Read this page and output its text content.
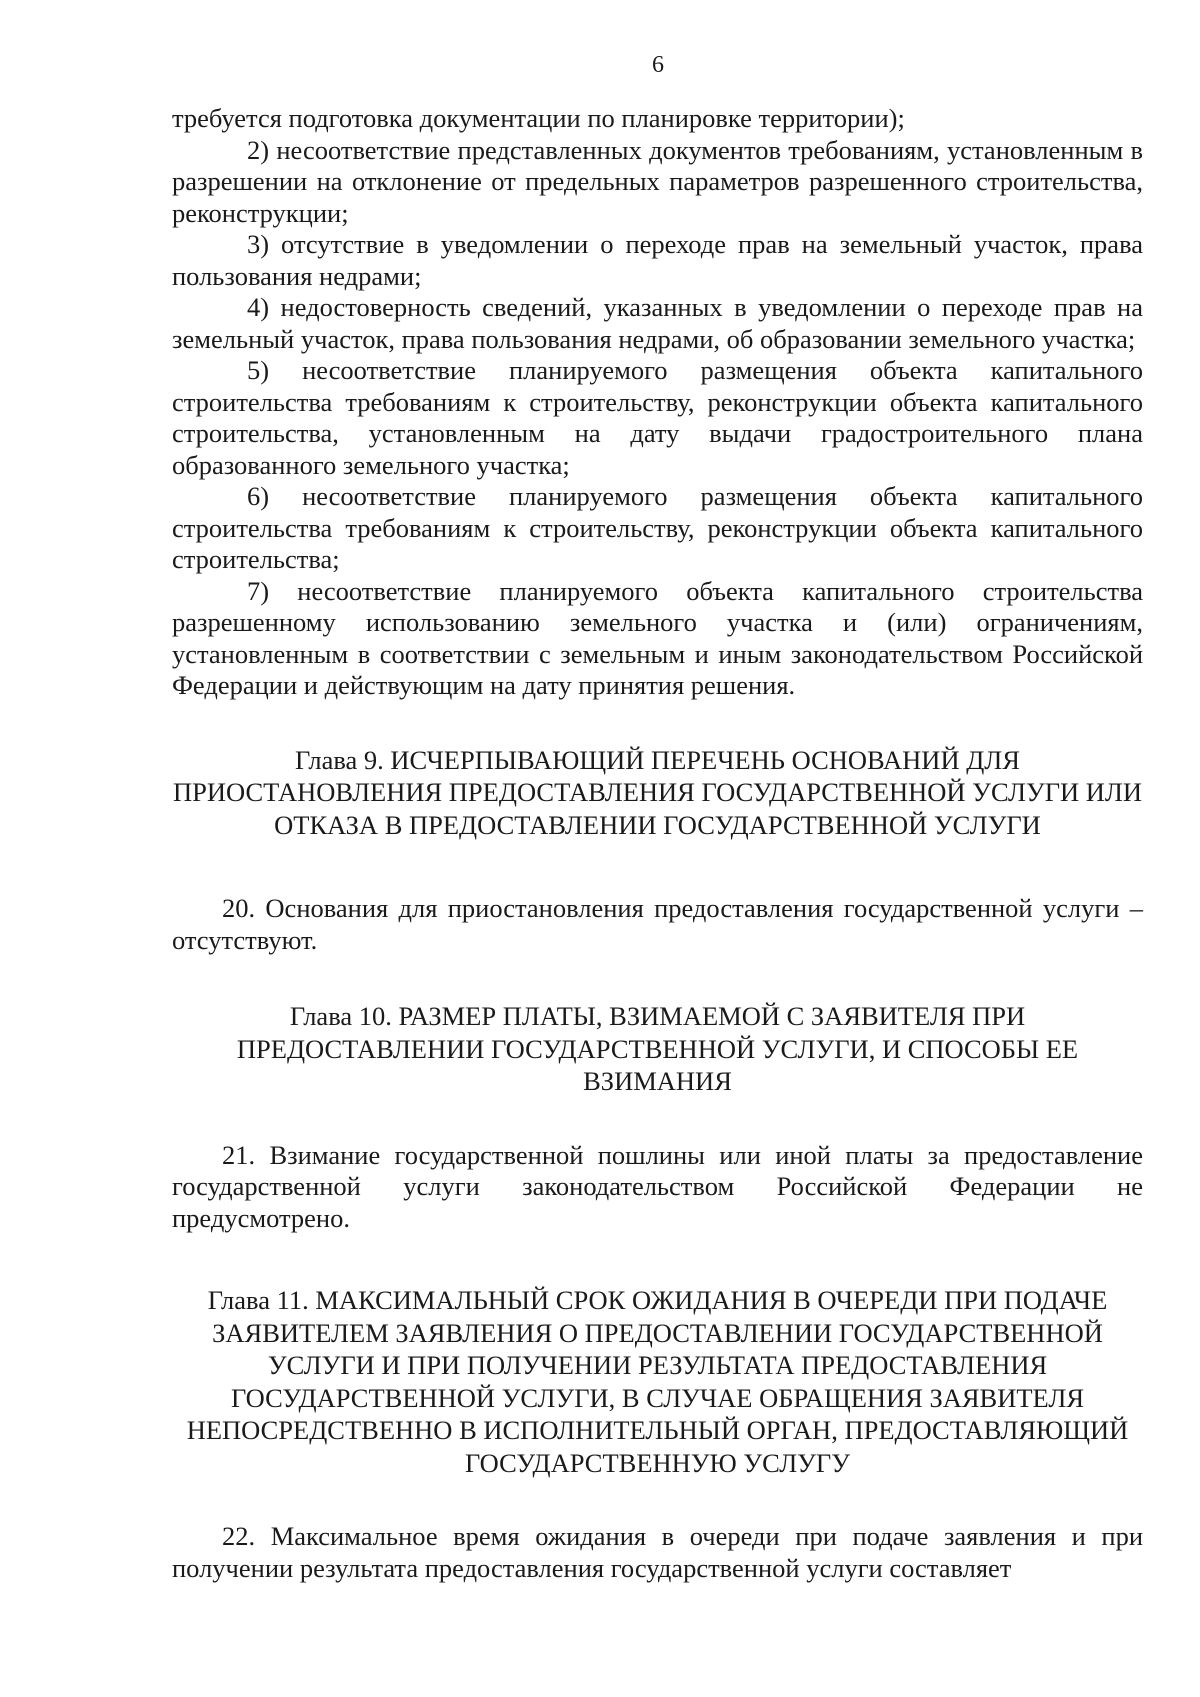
6

требуется подготовка документации по планировке территории);

2) несоответствие представленных документов требованиям, установленным в разрешении на отклонение от предельных параметров разрешенного строительства, реконструкции;

3) отсутствие в уведомлении о переходе прав на земельный участок, права пользования недрами;

4) недостоверность сведений, указанных в уведомлении о переходе прав на земельный участок, права пользования недрами, об образовании земельного участка;

5) несоответствие планируемого размещения объекта капитального строительства требованиям к строительству, реконструкции объекта капитального строительства, установленным на дату выдачи градостроительного плана образованного земельного участка;

6) несоответствие планируемого размещения объекта капитального строительства требованиям к строительству, реконструкции объекта капитального строительства;

7) несоответствие планируемого объекта капитального строительства разрешенному использованию земельного участка и (или) ограничениям, установленным в соответствии с земельным и иным законодательством Российской Федерации и действующим на дату принятия решения.

Глава 9. ИСЧЕРПЫВАЮЩИЙ ПЕРЕЧЕНЬ ОСНОВАНИЙ ДЛЯ ПРИОСТАНОВЛЕНИЯ ПРЕДОСТАВЛЕНИЯ ГОСУДАРСТВЕННОЙ УСЛУГИ ИЛИ ОТКАЗА В ПРЕДОСТАВЛЕНИИ ГОСУДАРСТВЕННОЙ УСЛУГИ

20. Основания для приостановления предоставления государственной услуги – отсутствуют.

Глава 10. РАЗМЕР ПЛАТЫ, ВЗИМАЕМОЙ С ЗАЯВИТЕЛЯ ПРИ ПРЕДОСТАВЛЕНИИ ГОСУДАРСТВЕННОЙ УСЛУГИ, И СПОСОБЫ ЕЕ ВЗИМАНИЯ

21. Взимание государственной пошлины или иной платы за предоставление государственной услуги законодательством Российской Федерации не предусмотрено.

Глава 11. МАКСИМАЛЬНЫЙ СРОК ОЖИДАНИЯ В ОЧЕРЕДИ ПРИ ПОДАЧЕ ЗАЯВИТЕЛЕМ ЗАЯВЛЕНИЯ О ПРЕДОСТАВЛЕНИИ ГОСУДАРСТВЕННОЙ УСЛУГИ И ПРИ ПОЛУЧЕНИИ РЕЗУЛЬТАТА ПРЕДОСТАВЛЕНИЯ ГОСУДАРСТВЕННОЙ УСЛУГИ, В СЛУЧАЕ ОБРАЩЕНИЯ ЗАЯВИТЕЛЯ НЕПОСРЕДСТВЕННО В ИСПОЛНИТЕЛЬНЫЙ ОРГАН, ПРЕДОСТАВЛЯЮЩИЙ ГОСУДАРСТВЕННУЮ УСЛУГУ

22. Максимальное время ожидания в очереди при подаче заявления и при получении результата предоставления государственной услуги составляет
